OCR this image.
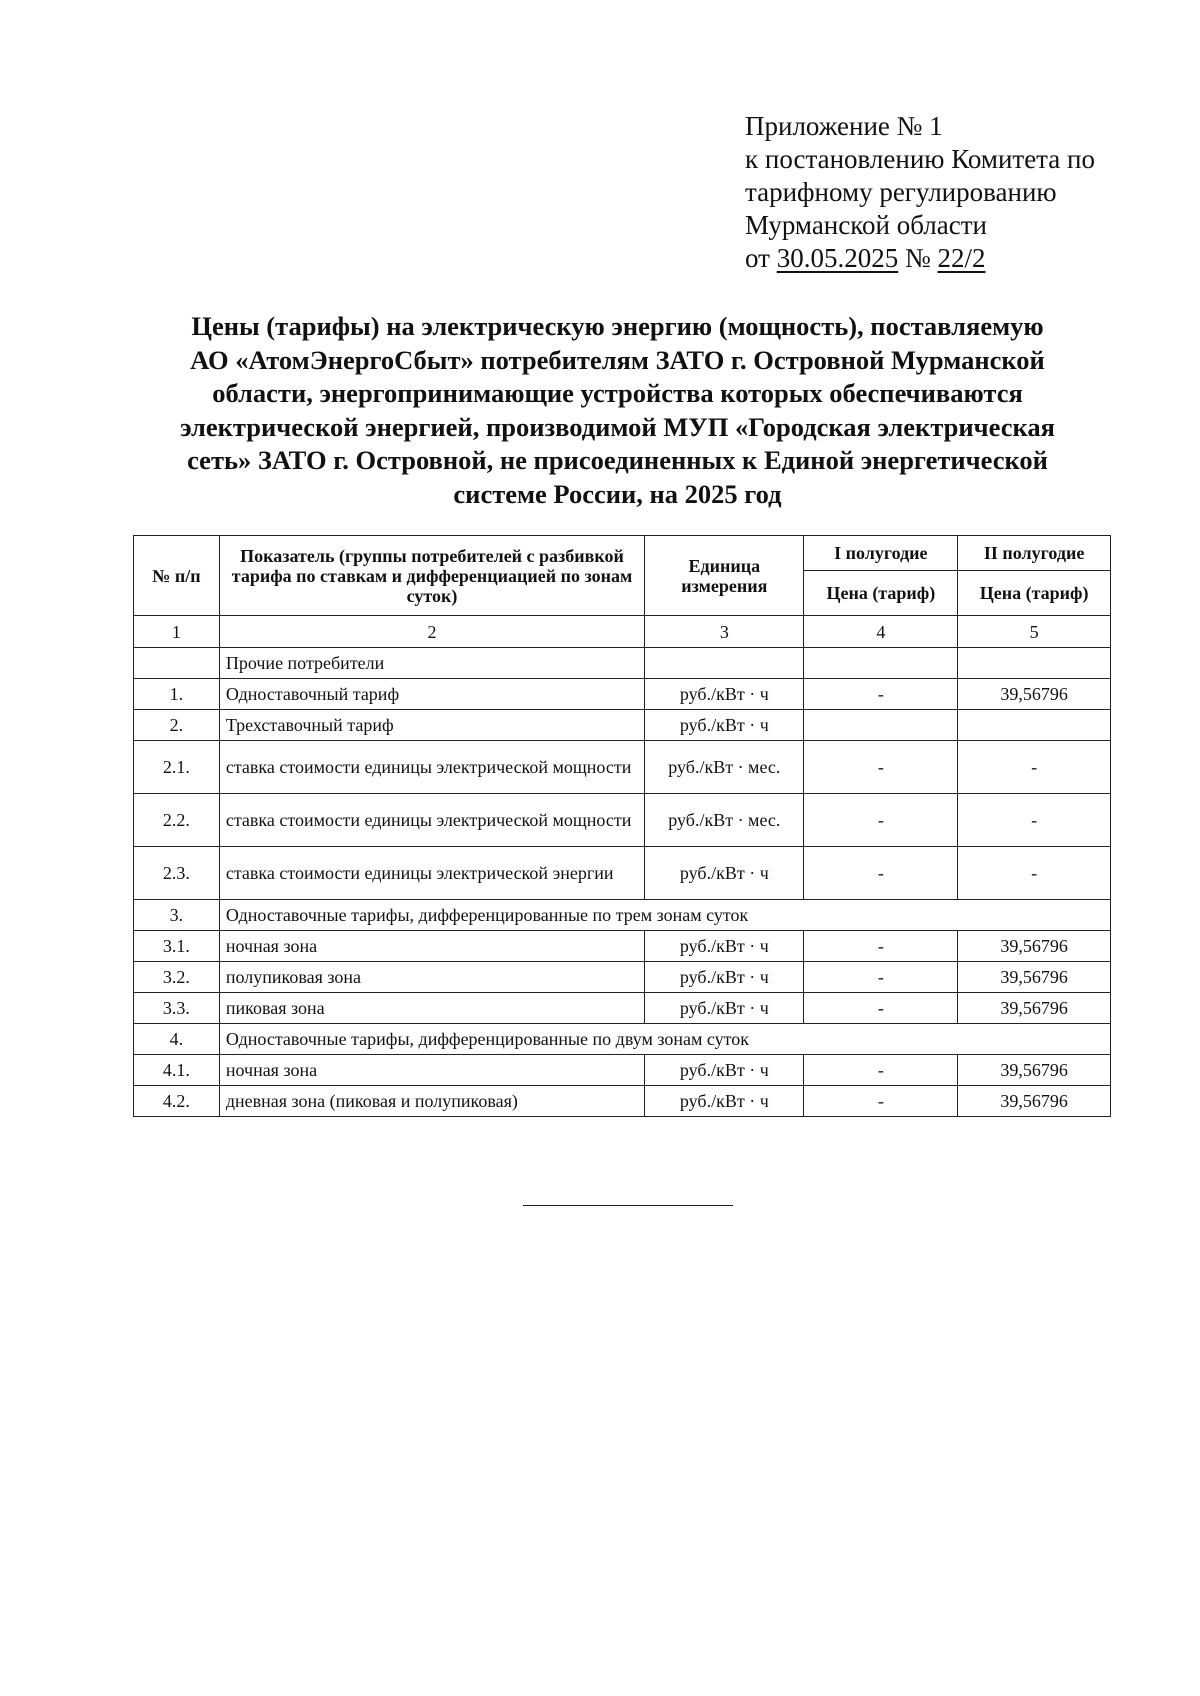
Приложение № 1
к постановлению Комитета по
тарифному регулированию
Мурманской области
от 30.05.2025 № 22/2
Цены (тарифы) на электрическую энергию (мощность), поставляемую
АО «АтомЭнергоСбыт» потребителям ЗАТО г. Островной Мурманской
области, энергопринимающие устройства которых обеспечиваются
электрической энергией, производимой МУП «Городская электрическая
сеть» ЗАТО г. Островной, не присоединенных к Единой энергетической
системе России, на 2025 год
№ п/п	Показатель (группы потребителей с разбивкой тарифа по ставкам и дифференциацией по зонам суток)	Единица измерения	I полугодие	II полугодие
			Цена (тариф)	Цена (тариф)
1	2	3	4	5
	Прочие потребители			
1.	Одноставочный тариф	руб./кВт · ч	-	39,56796
2.	Трехставочный тариф	руб./кВт · ч		
2.1.	ставка стоимости единицы электрической мощности	руб./кВт · мес.	-	-
2.2.	ставка стоимости единицы электрической мощности	руб./кВт · мес.	-	-
2.3.	ставка стоимости единицы электрической энергии	руб./кВт · ч	-	-
3.	Одноставочные тарифы, дифференцированные по трем зонам суток			
3.1.	ночная зона	руб./кВт · ч	-	39,56796
3.2.	полупиковая зона	руб./кВт · ч	-	39,56796
3.3.	пиковая зона	руб./кВт · ч	-	39,56796
4.	Одноставочные тарифы, дифференцированные по двум зонам суток			
4.1.	ночная зона	руб./кВт · ч	-	39,56796
4.2.	дневная зона (пиковая и полупиковая)	руб./кВт · ч	-	39,56796
